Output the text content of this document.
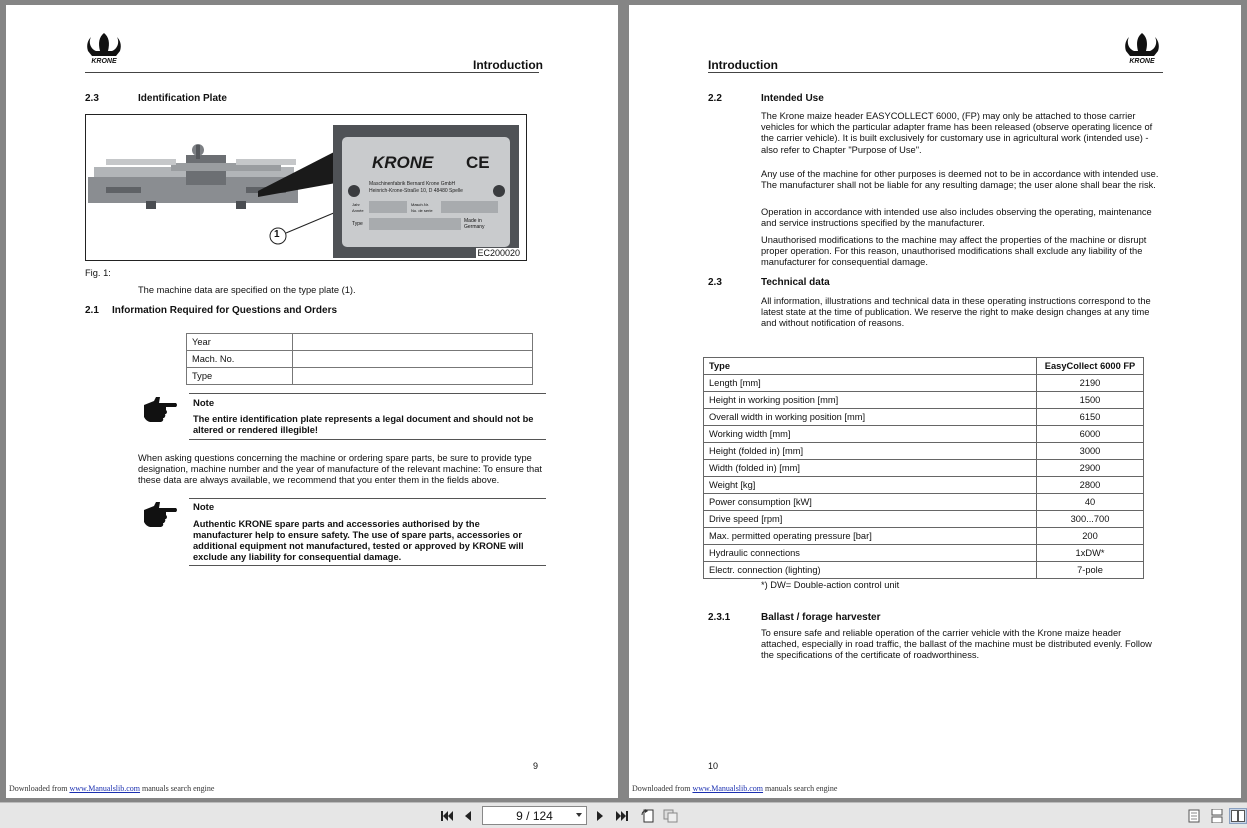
KRONE	Introduction
2.3	Identification Plate
1
KRONE CE
Maschinenfabrik Bernard Krone GmbH
Heinrich-Krone-Straße 10, D 48480 Spelle
Jahr
Année
Masch.Nr.
No. de serie
Type	Made in
Germany
EC200020
Fig. 1:
The machine data are specified on the type plate (1).
2.1 Information Required for Questions and Orders
Year	
Mach. No.	
Type	
Note
The entire identification plate represents a legal document and should not be altered or rendered illegible!
When asking questions concerning the machine or ordering spare parts, be sure to provide type designation, machine number and the year of manufacture of the relevant machine: To ensure that these data are always available, we recommend that you enter them in the fields above.
Note
Authentic KRONE spare parts and accessories authorised by the manufacturer help to ensure safety. The use of spare parts, accessories or additional equipment not manufactured, tested or approved by KRONE will exclude any liability for consequential damage.
9
Downloaded from www.Manualslib.com manuals search engine
KRONE
Introduction
2.2	Intended Use
The Krone maize header EASYCOLLECT 6000, (FP) may only be attached to those carrier vehicles for which the particular adapter frame has been released (observe operating licence of the carrier vehicle). It is built exclusively for customary use in agricultural work (intended use) - also refer to Chapter "Purpose of Use".
Any use of the machine for other purposes is deemed not to be in accordance with intended use. The manufacturer shall not be liable for any resulting damage; the user alone shall bear the risk.
Operation in accordance with intended use also includes observing the operating, maintenance and service instructions specified by the manufacturer.
Unauthorised modifications to the machine may affect the properties of the machine or disrupt proper operation. For this reason, unauthorised modifications shall exclude any liability of the manufacturer for consequential damage.
2.3	Technical data
All information, illustrations and technical data in these operating instructions correspond to the latest state at the time of publication. We reserve the right to make design changes at any time and without notification of reasons.
Type	EasyCollect 6000 FP
Length [mm]	2190
Height in working position [mm]	1500
Overall width in working position [mm]	6150
Working width [mm]	6000
Height (folded in) [mm]	3000
Width (folded in) [mm]	2900
Weight [kg]	2800
Power consumption [kW]	40
Drive speed [rpm]	300...700
Max. permitted operating pressure [bar]	200
Hydraulic connections	1xDW*
Electr. connection (lighting)	7-pole
*) DW= Double-action control unit
2.3.1	Ballast / forage harvester
To ensure safe and reliable operation of the carrier vehicle with the Krone maize header attached, especially in road traffic, the ballast of the machine must be distributed evenly. Follow the specifications of the certificate of roadworthiness.
10
Downloaded from www.Manualslib.com manuals search engine
9 / 124
